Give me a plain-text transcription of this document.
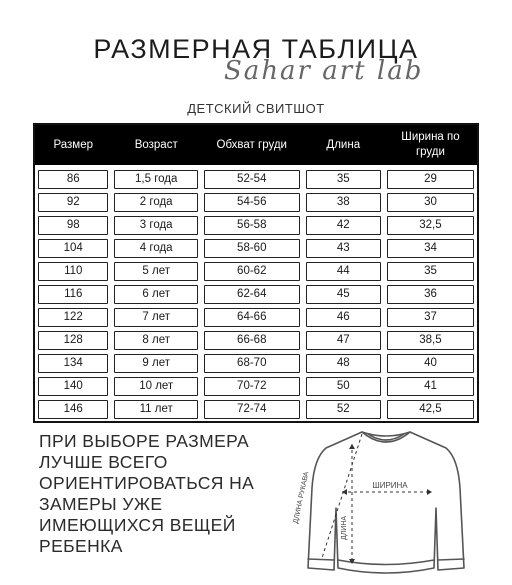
РАЗМЕРНАЯ ТАБЛИЦА
Sahar art lab
ДЕТСКИЙ СВИТШОТ
Размер	Возраст	Обхват груди	Длина	Ширина по груди

86	1,5 года	52-54	35	29

92	2 года	54-56	38	30

98	3 года	56-58	42	32,5

104	4 года	58-60	43	34

110	5 лет	60-62	44	35

116	6 лет	62-64	45	36

122	7 лет	64-66	46	37

128	8 лет	66-68	47	38,5

134	9 лет	68-70	48	40

140	10 лет	70-72	50	41

146	11 лет	72-74	52	42,5
ПРИ ВЫБОРЕ РАЗМЕРА
ЛУЧШЕ ВСЕГО
ОРИЕНТИРОВАТЬСЯ НА
ЗАМЕРЫ УЖЕ
ИМЕЮЩИХСЯ ВЕЩЕЙ
РЕБЕНКА
ШИРИНА
ДЛИНА РУКАВА
ДЛИНА
